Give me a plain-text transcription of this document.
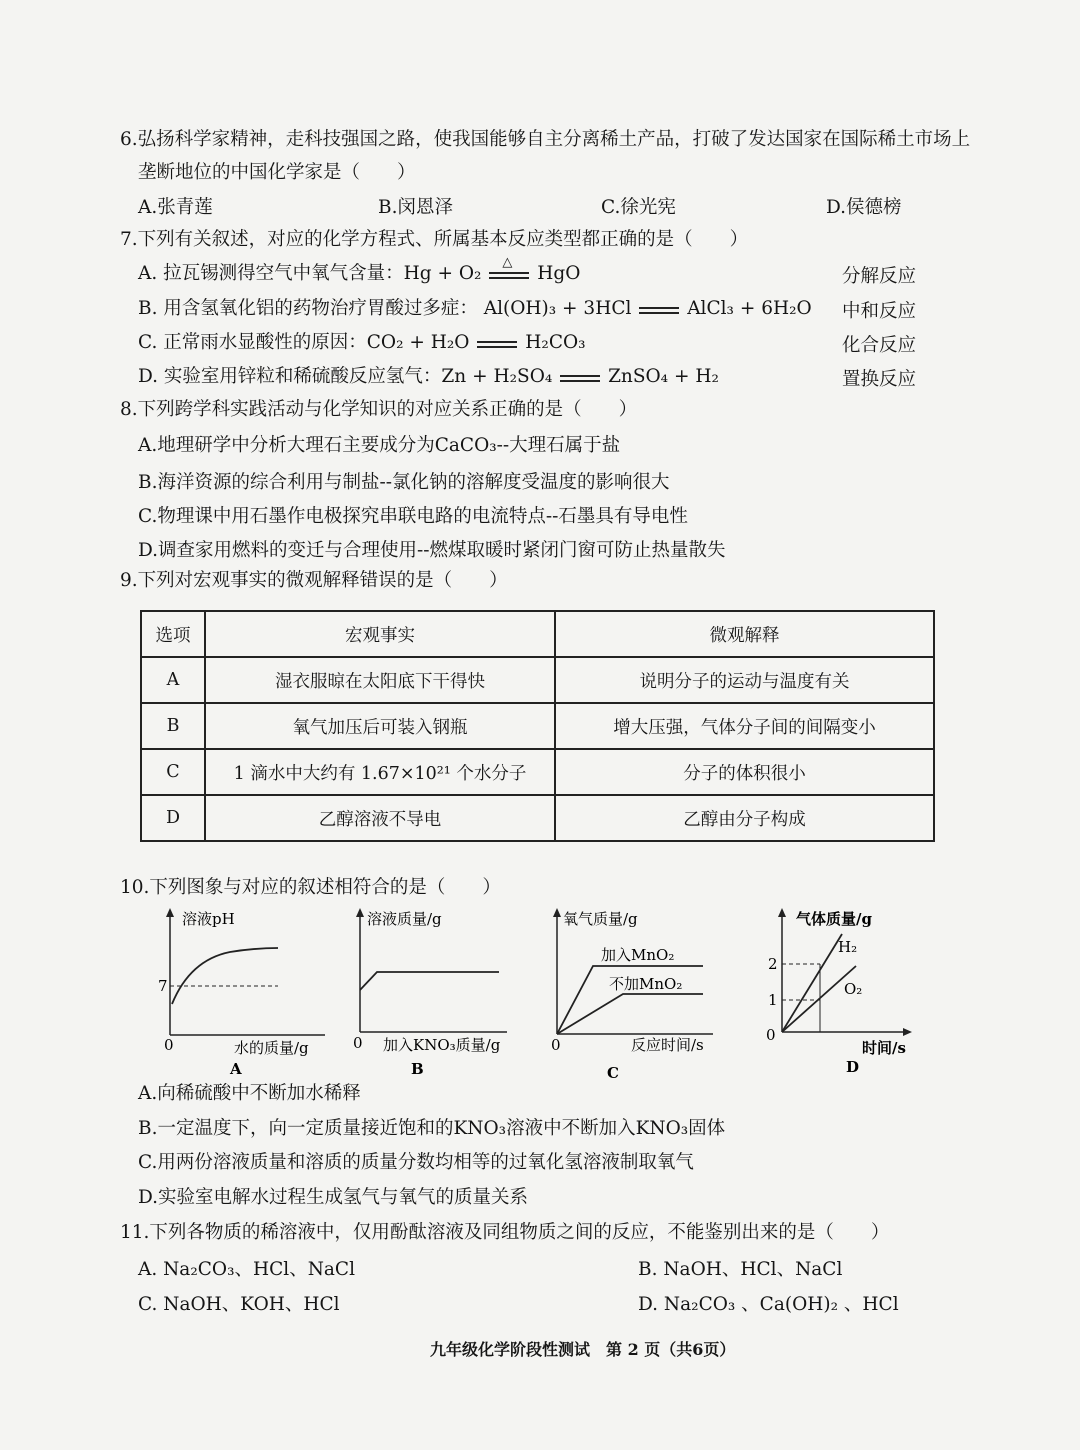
6.弘扬科学家精神，走科技强国之路，使我国能够自主分离稀土产品，打破了发达国家在国际稀土市场上
垄断地位的中国化学家是（　　）
A.张青莲	B.闵恩泽	C.徐光宪	D.侯德榜
7.下列有关叙述，对应的化学方程式、所属基本反应类型都正确的是（　　）
A. 拉瓦锡测得空气中氧气含量：Hg + O₂
△
HgO	分解反应
B. 用含氢氧化铝的药物治疗胃酸过多症： Al(OH)₃ + 3HCl	AlCl₃ + 6H₂O 中和反应
C. 正常雨水显酸性的原因：CO₂ + H₂O	H₂CO₃	化合反应
D. 实验室用锌粒和稀硫酸反应氢气：Zn + H₂SO₄	ZnSO₄ + H₂	置换反应
8.下列跨学科实践活动与化学知识的对应关系正确的是（　　）
A.地理研学中分析大理石主要成分为CaCO₃--大理石属于盐
B.海洋资源的综合利用与制盐--氯化钠的溶解度受温度的影响很大
C.物理课中用石墨作电极探究串联电路的电流特点--石墨具有导电性
D.调查家用燃料的变迁与合理使用--燃煤取暖时紧闭门窗可防止热量散失
9.下列对宏观事实的微观解释错误的是（　　）
选项	宏观事实	微观解释
A	湿衣服晾在太阳底下干得快	说明分子的运动与温度有关
B	氧气加压后可装入钢瓶	增大压强，气体分子间的间隔变小
C	1 滴水中大约有 1.67×10²¹ 个水分子	分子的体积很小
D	乙醇溶液不导电	乙醇由分子构成
10.下列图象与对应的叙述相符合的是（　　）
溶液pH
7
0	水的质量/g
A
溶液质量/g
0 加入KNO₃质量/g
B
氧气质量/g
加入MnO₂
不加MnO₂
0	反应时间/s
C
气体质量/g
H₂
O₂
2
1
0
时间/s
D
A.向稀硫酸中不断加水稀释
B.一定温度下，向一定质量接近饱和的KNO₃溶液中不断加入KNO₃固体
C.用两份溶液质量和溶质的质量分数均相等的过氧化氢溶液制取氧气
D.实验室电解水过程生成氢气与氧气的质量关系
11.下列各物质的稀溶液中，仅用酚酞溶液及同组物质之间的反应，不能鉴别出来的是（　　）
A. Na₂CO₃、HCl、NaCl	B. NaOH、HCl、NaCl
C. NaOH、KOH、HCl	D. Na₂CO₃ 、Ca(OH)₂ 、HCl
九年级化学阶段性测试　第 2 页（共6页）
